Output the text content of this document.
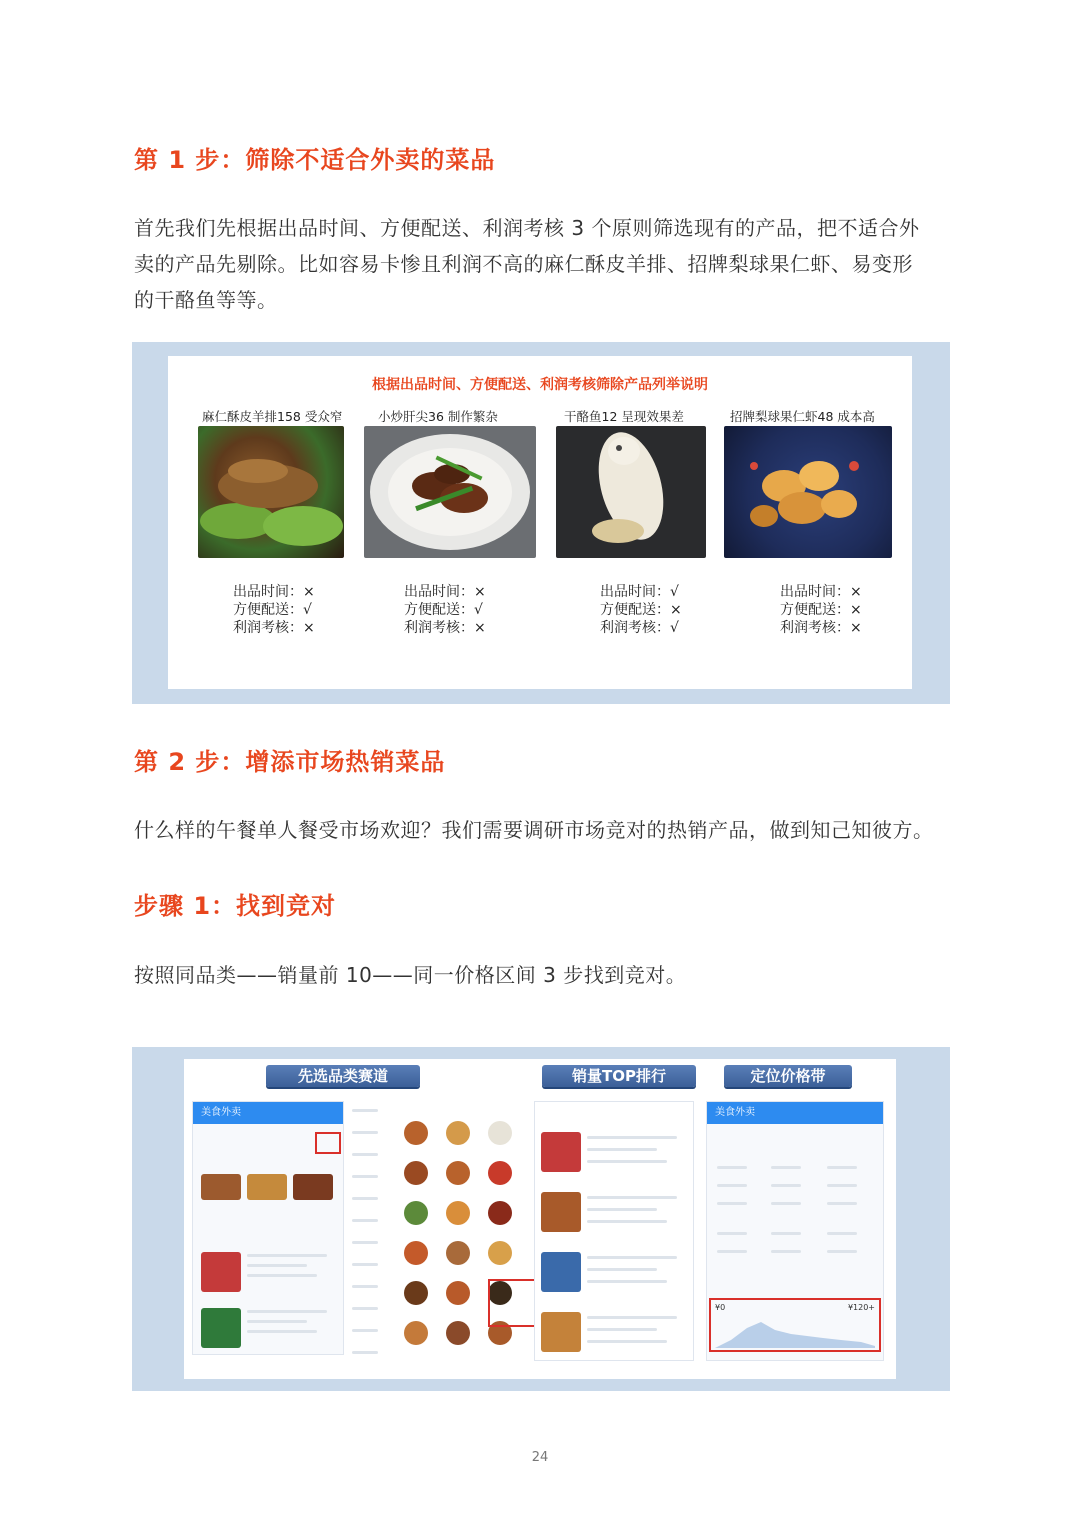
第 1 步：筛除不适合外卖的菜品
首先我们先根据出品时间、方便配送、利润考核 3 个原则筛选现有的产品，把不适合外
卖的产品先剔除。比如容易卡惨且利润不高的麻仁酥皮羊排、招牌梨球果仁虾、易变形
的干酪鱼等等。
根据出品时间、方便配送、利润考核筛除产品列举说明
麻仁酥皮羊排158 受众窄
出品时间：×
方便配送：√
利润考核：×
小炒肝尖36 制作繁杂
出品时间：×
方便配送：√
利润考核：×
干酪鱼12 呈现效果差
出品时间：√
方便配送：×
利润考核：√
招牌梨球果仁虾48 成本高
出品时间：×
方便配送：×
利润考核：×
第 2 步：增添市场热销菜品
什么样的午餐单人餐受市场欢迎？我们需要调研市场竞对的热销产品，做到知己知彼方。
步骤 1：找到竞对
按照同品类——销量前 10——同一价格区间 3 步找到竞对。
先选品类赛道	销量TOP排行	定位价格带
美食外卖	美食外卖
¥0	¥120+
24
